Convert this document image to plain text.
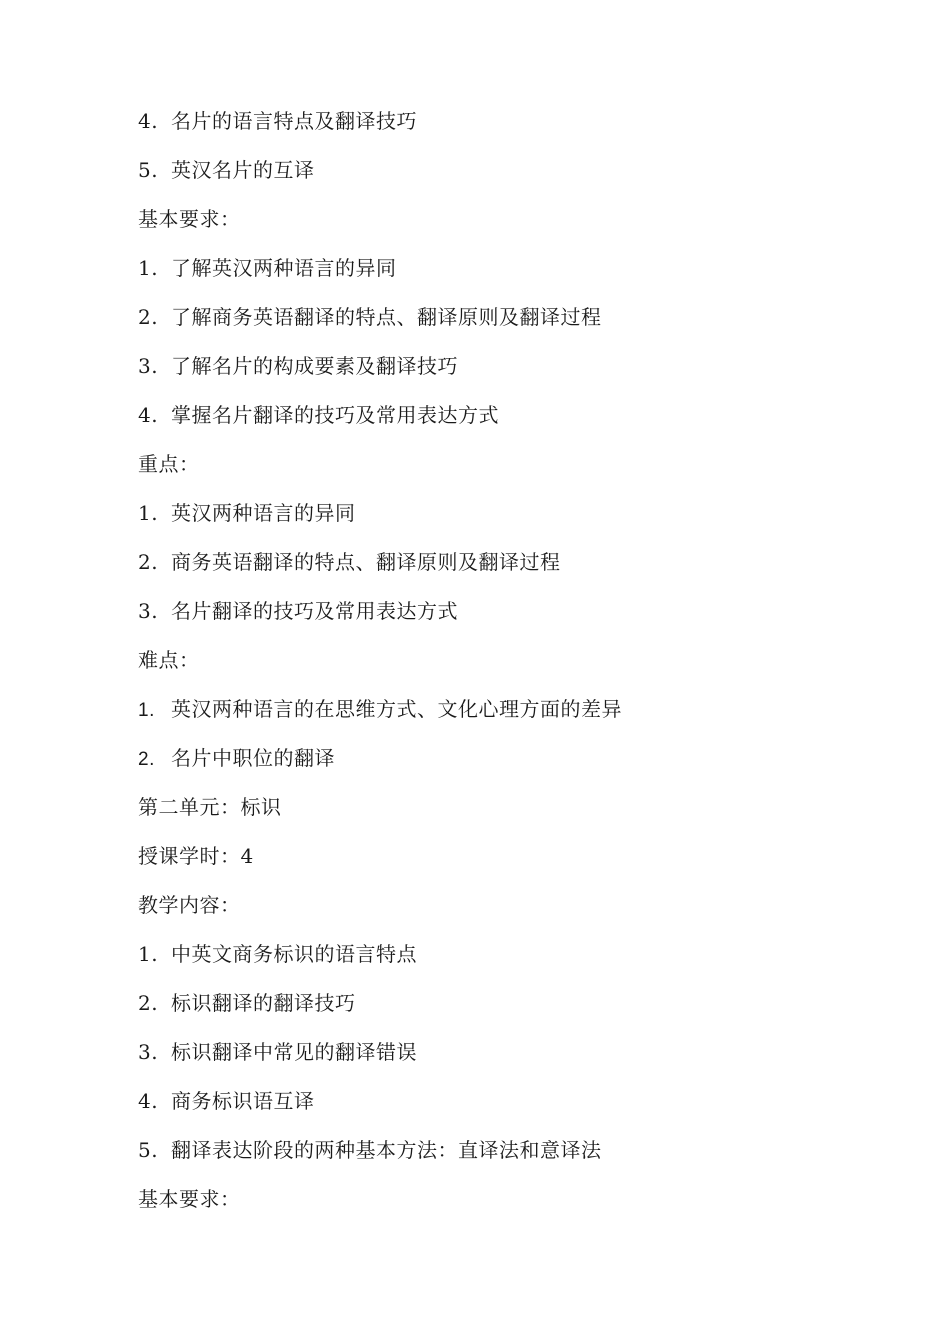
4. 名片的语言特点及翻译技巧
5. 英汉名片的互译
基本要求：
1. 了解英汉两种语言的异同
2. 了解商务英语翻译的特点、翻译原则及翻译过程
3. 了解名片的构成要素及翻译技巧
4. 掌握名片翻译的技巧及常用表达方式
重点：
1. 英汉两种语言的异同
2. 商务英语翻译的特点、翻译原则及翻译过程
3. 名片翻译的技巧及常用表达方式
难点：
1. 英汉两种语言的在思维方式、文化心理方面的差异
2. 名片中职位的翻译
第二单元：标识
授课学时：4
教学内容：
1. 中英文商务标识的语言特点
2. 标识翻译的翻译技巧
3. 标识翻译中常见的翻译错误
4. 商务标识语互译
5. 翻译表达阶段的两种基本方法：直译法和意译法
基本要求：
